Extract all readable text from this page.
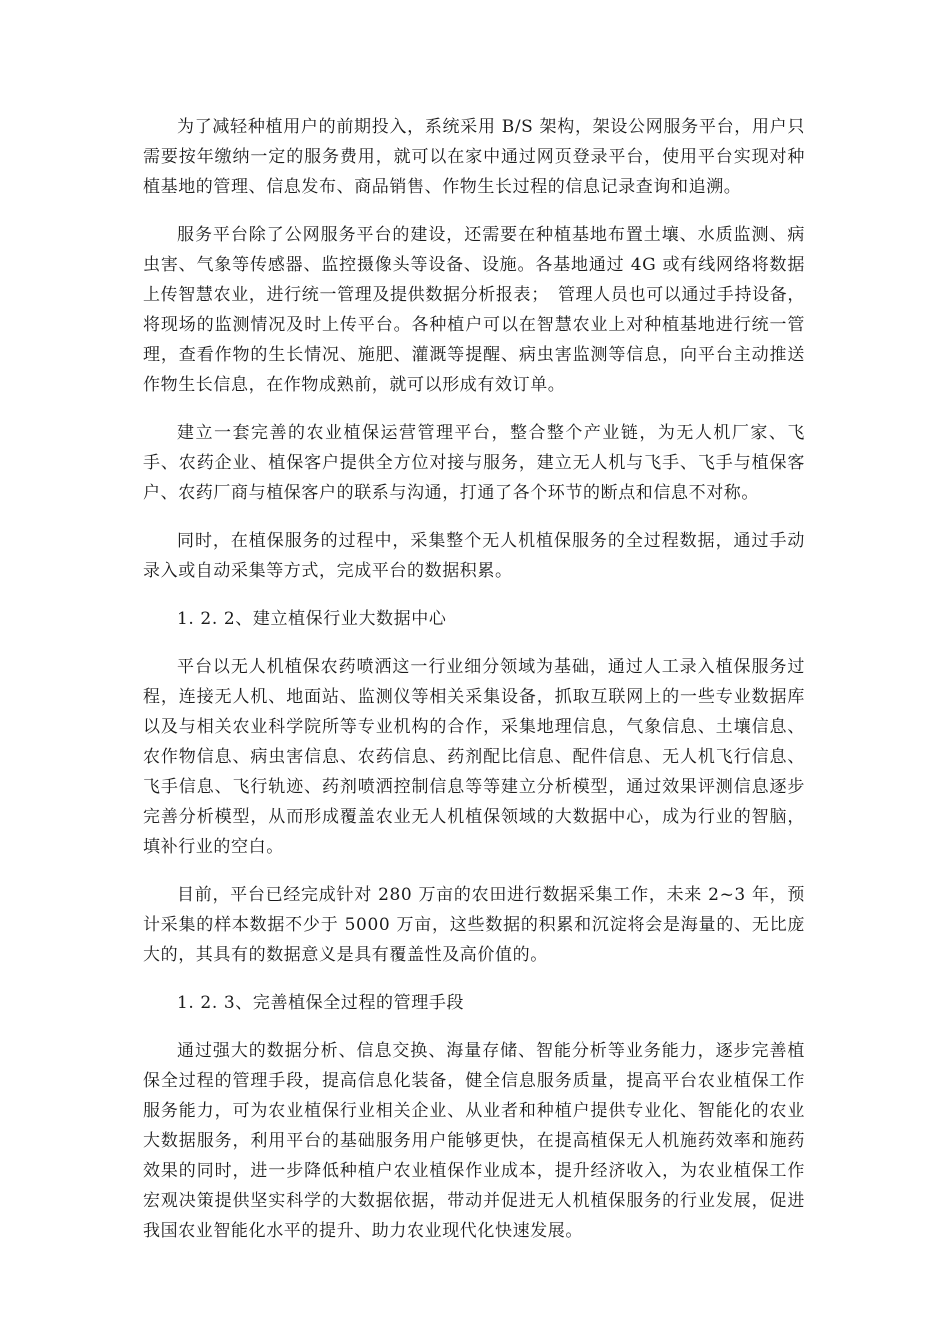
为了减轻种植用户的前期投入，系统采用 B/S 架构，架设公网服务平台，用户只需要按年缴纳一定的服务费用，就可以在家中通过网页登录平台，使用平台实现对种植基地的管理、信息发布、商品销售、作物生长过程的信息记录查询和追溯。

服务平台除了公网服务平台的建设，还需要在种植基地布置土壤、水质监测、病虫害、气象等传感器、监控摄像头等设备、设施。各基地通过 4G 或有线网络将数据上传智慧农业，进行统一管理及提供数据分析报表；　管理人员也可以通过手持设备，将现场的监测情况及时上传平台。各种植户可以在智慧农业上对种植基地进行统一管理，查看作物的生长情况、施肥、灌溉等提醒、病虫害监测等信息，向平台主动推送作物生长信息，在作物成熟前，就可以形成有效订单。

建立一套完善的农业植保运营管理平台，整合整个产业链，为无人机厂家、飞手、农药企业、植保客户提供全方位对接与服务，建立无人机与飞手、飞手与植保客户、农药厂商与植保客户的联系与沟通，打通了各个环节的断点和信息不对称。

同时，在植保服务的过程中，采集整个无人机植保服务的全过程数据，通过手动录入或自动采集等方式，完成平台的数据积累。

1. 2. 2、建立植保行业大数据中心

平台以无人机植保农药喷洒这一行业细分领域为基础，通过人工录入植保服务过程，连接无人机、地面站、监测仪等相关采集设备，抓取互联网上的一些专业数据库以及与相关农业科学院所等专业机构的合作，采集地理信息，气象信息、土壤信息、农作物信息、病虫害信息、农药信息、药剂配比信息、配件信息、无人机飞行信息、飞手信息、飞行轨迹、药剂喷洒控制信息等等建立分析模型，通过效果评测信息逐步完善分析模型，从而形成覆盖农业无人机植保领域的大数据中心，成为行业的智脑，填补行业的空白。

目前，平台已经完成针对 280 万亩的农田进行数据采集工作，未来 2~3 年，预计采集的样本数据不少于 5000 万亩，这些数据的积累和沉淀将会是海量的、无比庞大的，其具有的数据意义是具有覆盖性及高价值的。

1. 2. 3、完善植保全过程的管理手段

通过强大的数据分析、信息交换、海量存储、智能分析等业务能力，逐步完善植保全过程的管理手段，提高信息化装备，健全信息服务质量，提高平台农业植保工作服务能力，可为农业植保行业相关企业、从业者和种植户提供专业化、智能化的农业大数据服务，利用平台的基础服务用户能够更快，在提高植保无人机施药效率和施药效果的同时，进一步降低种植户农业植保作业成本，提升经济收入，为农业植保工作宏观决策提供坚实科学的大数据依据，带动并促进无人机植保服务的行业发展，促进我国农业智能化水平的提升、助力农业现代化快速发展。
